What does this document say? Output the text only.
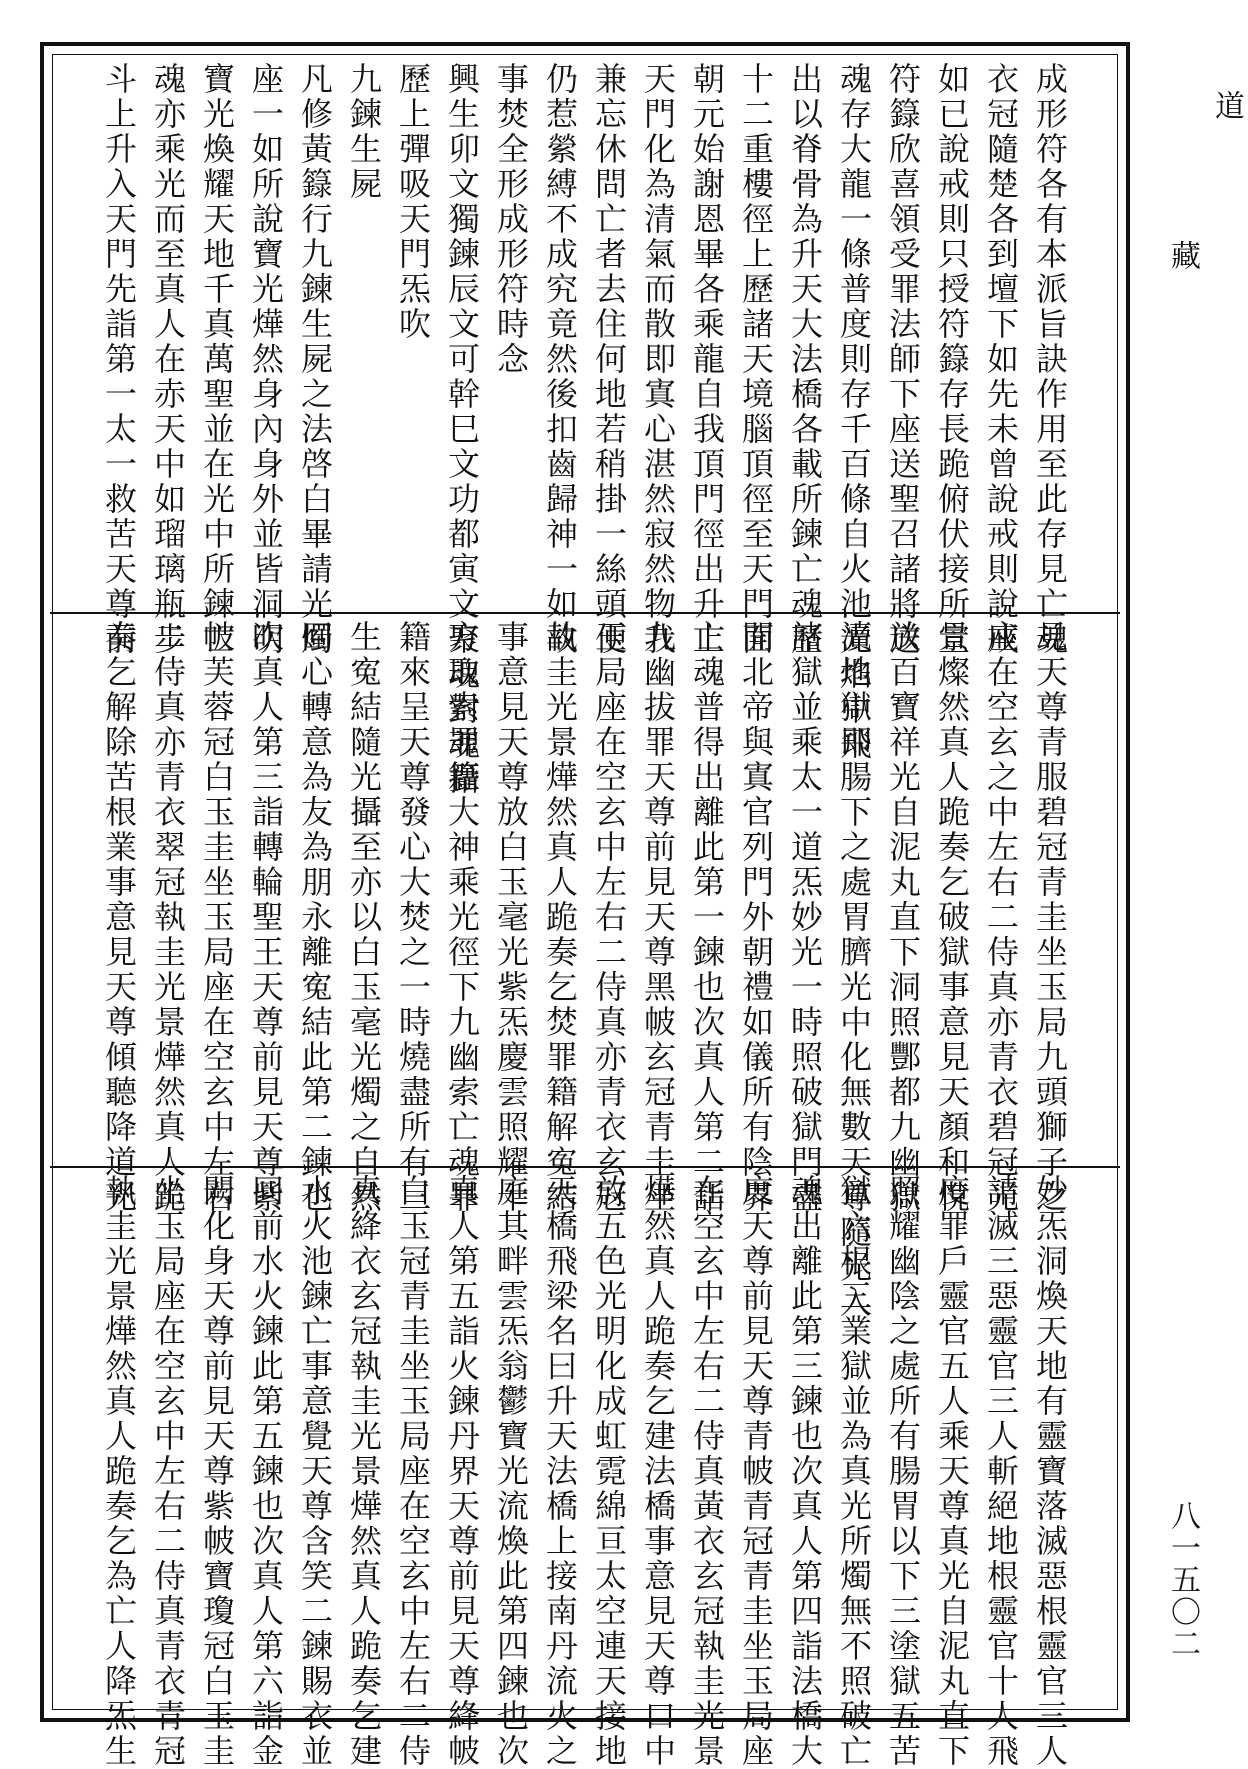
道
藏
八一五〇二
成形符各有本派旨訣作用至此存見亡魂
衣冠隨楚各到壇下如先未曾說戒則說戒
如已說戒則只授符籙存長跪俯伏接所宣
符籙欣喜領受罪法師下座送聖召諸將送
魂存大龍一條普度則存千百條自火池光焰中飛
出以脊骨為升天大法橋各載所鍊亡魂歷
十二重樓徑上歷諸天境腦頂徑至天門面
朝元始謝恩畢各乘龍自我頂門徑出升上
天門化為清氣而散即寘心湛然寂然物我
兼忘休問亡者去住何地若稍掛一絲頭便
仍惹縈縛不成究竟然後扣齒歸神一如故
事焚全形成形符時念
興生卯文獨鍊辰文可幹巳文功都寅文聚魂對魂攝
歷上彈吸天門炁吹
九鍊生屍
凡修黃籙行九鍊生屍之法啓白畢請光燭
座一如所說寶光燁然身內身外並皆洞明
寶光煥耀天地千真萬聖並在光中所鍊亡
魂亦乘光而至真人在赤天中如瑠璃瓶步
斗上升入天門先詣第一太一救苦天尊前
見天尊青服碧冠青圭坐玉局九頭獅子之
座在空玄之中左右二侍真亦青衣碧冠光
景燦然真人跪奏乞破獄事意見天顏和悅
放百寶祥光自泥丸直下洞照酆都九幽獄
瀆地獄即腸下之處胃臍光中化無數天尊隨光入
諸獄並乘太一道炁妙光一時照破獄門盡
開北帝與寘官列門外朝禮如儀所有陰界
亡魂普得出離此第一鍊也次真人第二詣
九幽拔罪天尊前見天尊黑帔玄冠青圭坐
玉局座在空玄中左右二侍真亦青衣玄冠
執圭光景燁然真人跪奏乞焚罪籍解寃結
事意見天尊放白玉毫光紫炁慶雲照耀十
方取索罪籍大神乘光徑下九幽索亡魂罪
籍來呈天尊發心大焚之一時燒盡所有三
生寃結隨光攝至亦以白玉毫光燭之自然
回心轉意為友為朋永離寃結此第二鍊也
次真人第三詣轉輪聖王天尊前見天尊紫
帔芙蓉冠白玉圭坐玉局座在空玄中左右
二侍真亦青衣翠冠執圭光景燁然真人跪
奏乞解除苦根業事意見天尊傾聽降道光
妙炁洞煥天地有靈寶落滅惡根靈官三人
請滅三惡靈官三人斬絕地根靈官十人飛
度罪戶靈官五人乘天尊真光自泥丸直下
照耀幽陰之處所有腸胃以下三塗獄五苦
獄六根三業獄並為真光所燭無不照破亡
魂出離此第三鍊也次真人第四詣法橋大
度天尊前見天尊青帔青冠青圭坐玉局座
在空玄中左右二侍真黃衣玄冠執圭光景
燁然真人跪奏乞建法橋事意見天尊口中
放五色光明化成虹霓綿亘太空連天接地
天橋飛梁名曰升天法橋上接南丹流火之
庭其畔雲炁翁鬱寶光流煥此第四鍊也次
真人第五詣火鍊丹界天尊前見天尊絳帔
白玉冠青圭坐玉局座在空玄中左右二侍
真絳衣玄冠執圭光景燁然真人跪奏乞建
水火池鍊亡事意覺天尊含笑二鍊賜衣並
同前水火鍊此第五鍊也次真人第六詣金
闕化身天尊前見天尊紫帔寶瓊冠白玉圭
坐玉局座在空玄中左右二侍真青衣青冠
執圭光景燁然真人跪奏乞為亡人降炁生
